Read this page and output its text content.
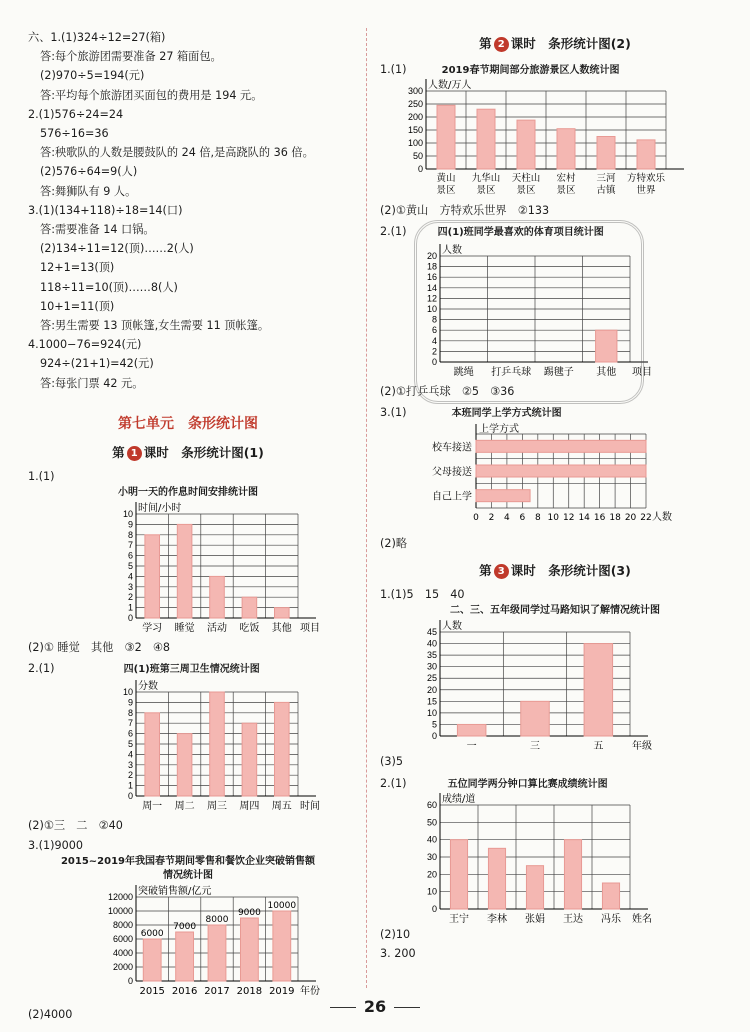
六、1.(1)324÷12=27(箱)
答:每个旅游团需要准备 27 箱面包。
(2)970÷5=194(元)
答:平均每个旅游团买面包的费用是 194 元。
2.(1)576÷24=24
576÷16=36
答:秧歌队的人数是腰鼓队的 24 倍,是高跷队的 36 倍。
(2)576÷64=9(人)
答:舞狮队有 9 人。
3.(1)(134+118)÷18=14(口)
答:需要准备 14 口锅。
(2)134÷11=12(顶)……2(人)
12+1=13(顶)
118÷11=10(顶)……8(人)
10+1=11(顶)
答:男生需要 13 顶帐篷,女生需要 11 顶帐篷。
4.1000−76=924(元)
924÷(21+1)=42(元)
答:每张门票 42 元。
第七单元　条形统计图
第 1 课时　条形统计图(1)
1.(1)
小明一天的作息时间安排统计图
0
1
2
3
4
5
6
7
8
9
10 时间/小时
项目
学习 睡觉 活动 吃饭 其他
(2)① 睡觉　其他　③2　④8
2.(1)	四(1)班第三周卫生情况统计图
0
1
2
3
4
5
6
7
8
9
10 分数
时间
周一 周二 周三 周四 周五
(2)①三　二　②40
3.(1)9000
2015~2019年我国春节期间零售和餐饮企业突破销售额情况统计图
0
2000
4000
6000
8000
10000
12000 突破销售额/亿元
年份
6000
2015
7000
2016
8000
2017
9000
2018
10000
2019
(2)4000
第 2 课时　条形统计图(2)
1.(1)	2019春节期间部分旅游景区人数统计图
0
50
100
150
200
250
300 人数/万人
黄山
景区
九华山
景区
天柱山
景区
宏村
景区
三河
古镇
方特欢乐
世界
(2)①黄山　方特欢乐世界　②133
2.(1)	四(1)班同学最喜欢的体育项目统计图
0
2
4
6
8
10
12
14
16
18
20 人数
项目
跳绳 打乒乓球 踢毽子 其他
(2)①打乒乓球　②5　③36
3.(1)	本班同学上学方式统计图
0 2 4 6 8 10 12 14 16 18 20 22
上学方式
人数
校车接送
父母接送
自己上学
(2)略
第 3 课时　条形统计图(3)
1.(1)5　15　40
二、三、五年级同学过马路知识了解情况统计图
0
5
10
15
20
25
30
35
40
45 人数
年级
一	三	五
(3)5
2.(1)	五位同学两分钟口算比赛成绩统计图
0
10
20
30
40
50
60 成绩/道
姓名
王宁 李林 张娟 王达 冯乐
(2)10
3. 200
26
